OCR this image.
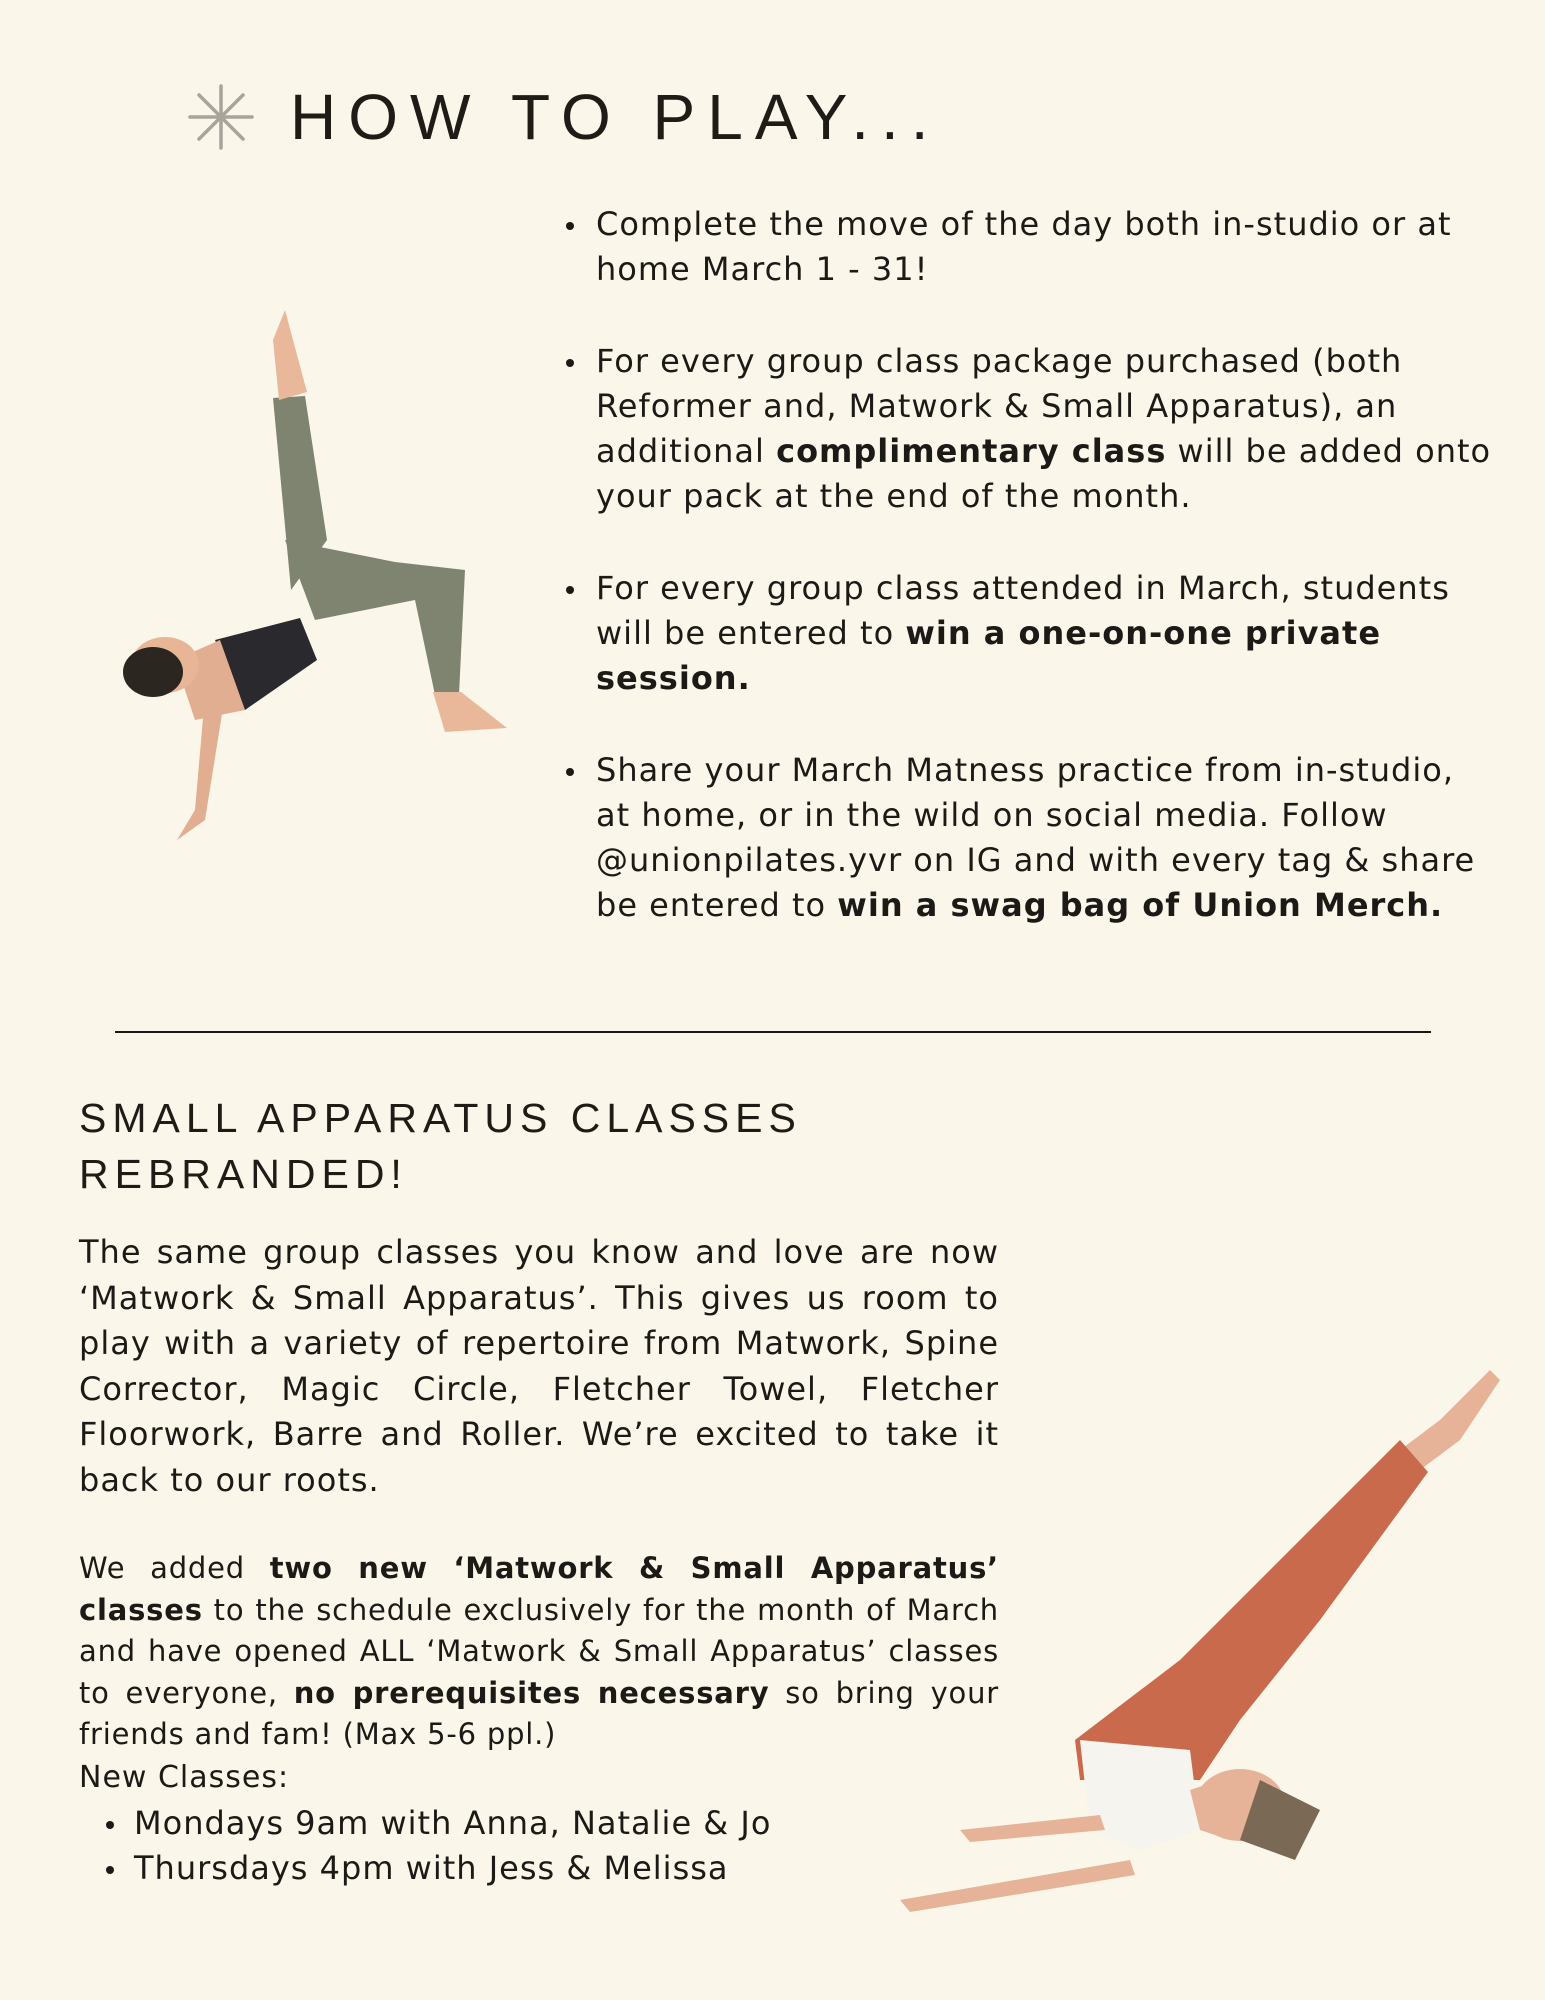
HOW TO PLAY...
Complete the move of the day both in-studio or at home March 1 - 31!
For every group class package purchased (both Reformer and, Matwork & Small Apparatus), an additional complimentary class will be added onto your pack at the end of the month.
For every group class attended in March, students will be entered to win a one-on-one private session.
Share your March Matness practice from in-studio, at home, or in the wild on social media. Follow @unionpilates.yvr on IG and with every tag & share be entered to win a swag bag of Union Merch.
SMALL APPARATUS CLASSES
REBRANDED!
The same group classes you know and love are now ‘Matwork & Small Apparatus’. This gives us room to play with a variety of repertoire from Matwork, Spine Corrector, Magic Circle, Fletcher Towel, Fletcher Floorwork, Barre and Roller. We’re excited to take it back to our roots.
We added two new ‘Matwork & Small Apparatus’ classes to the schedule exclusively for the month of March and have opened ALL ‘Matwork & Small Apparatus’ classes to everyone, no prerequisites necessary so bring your friends and fam! (Max 5-6 ppl.)
New Classes:
Mondays 9am with Anna, Natalie & Jo
Thursdays 4pm with Jess & Melissa
